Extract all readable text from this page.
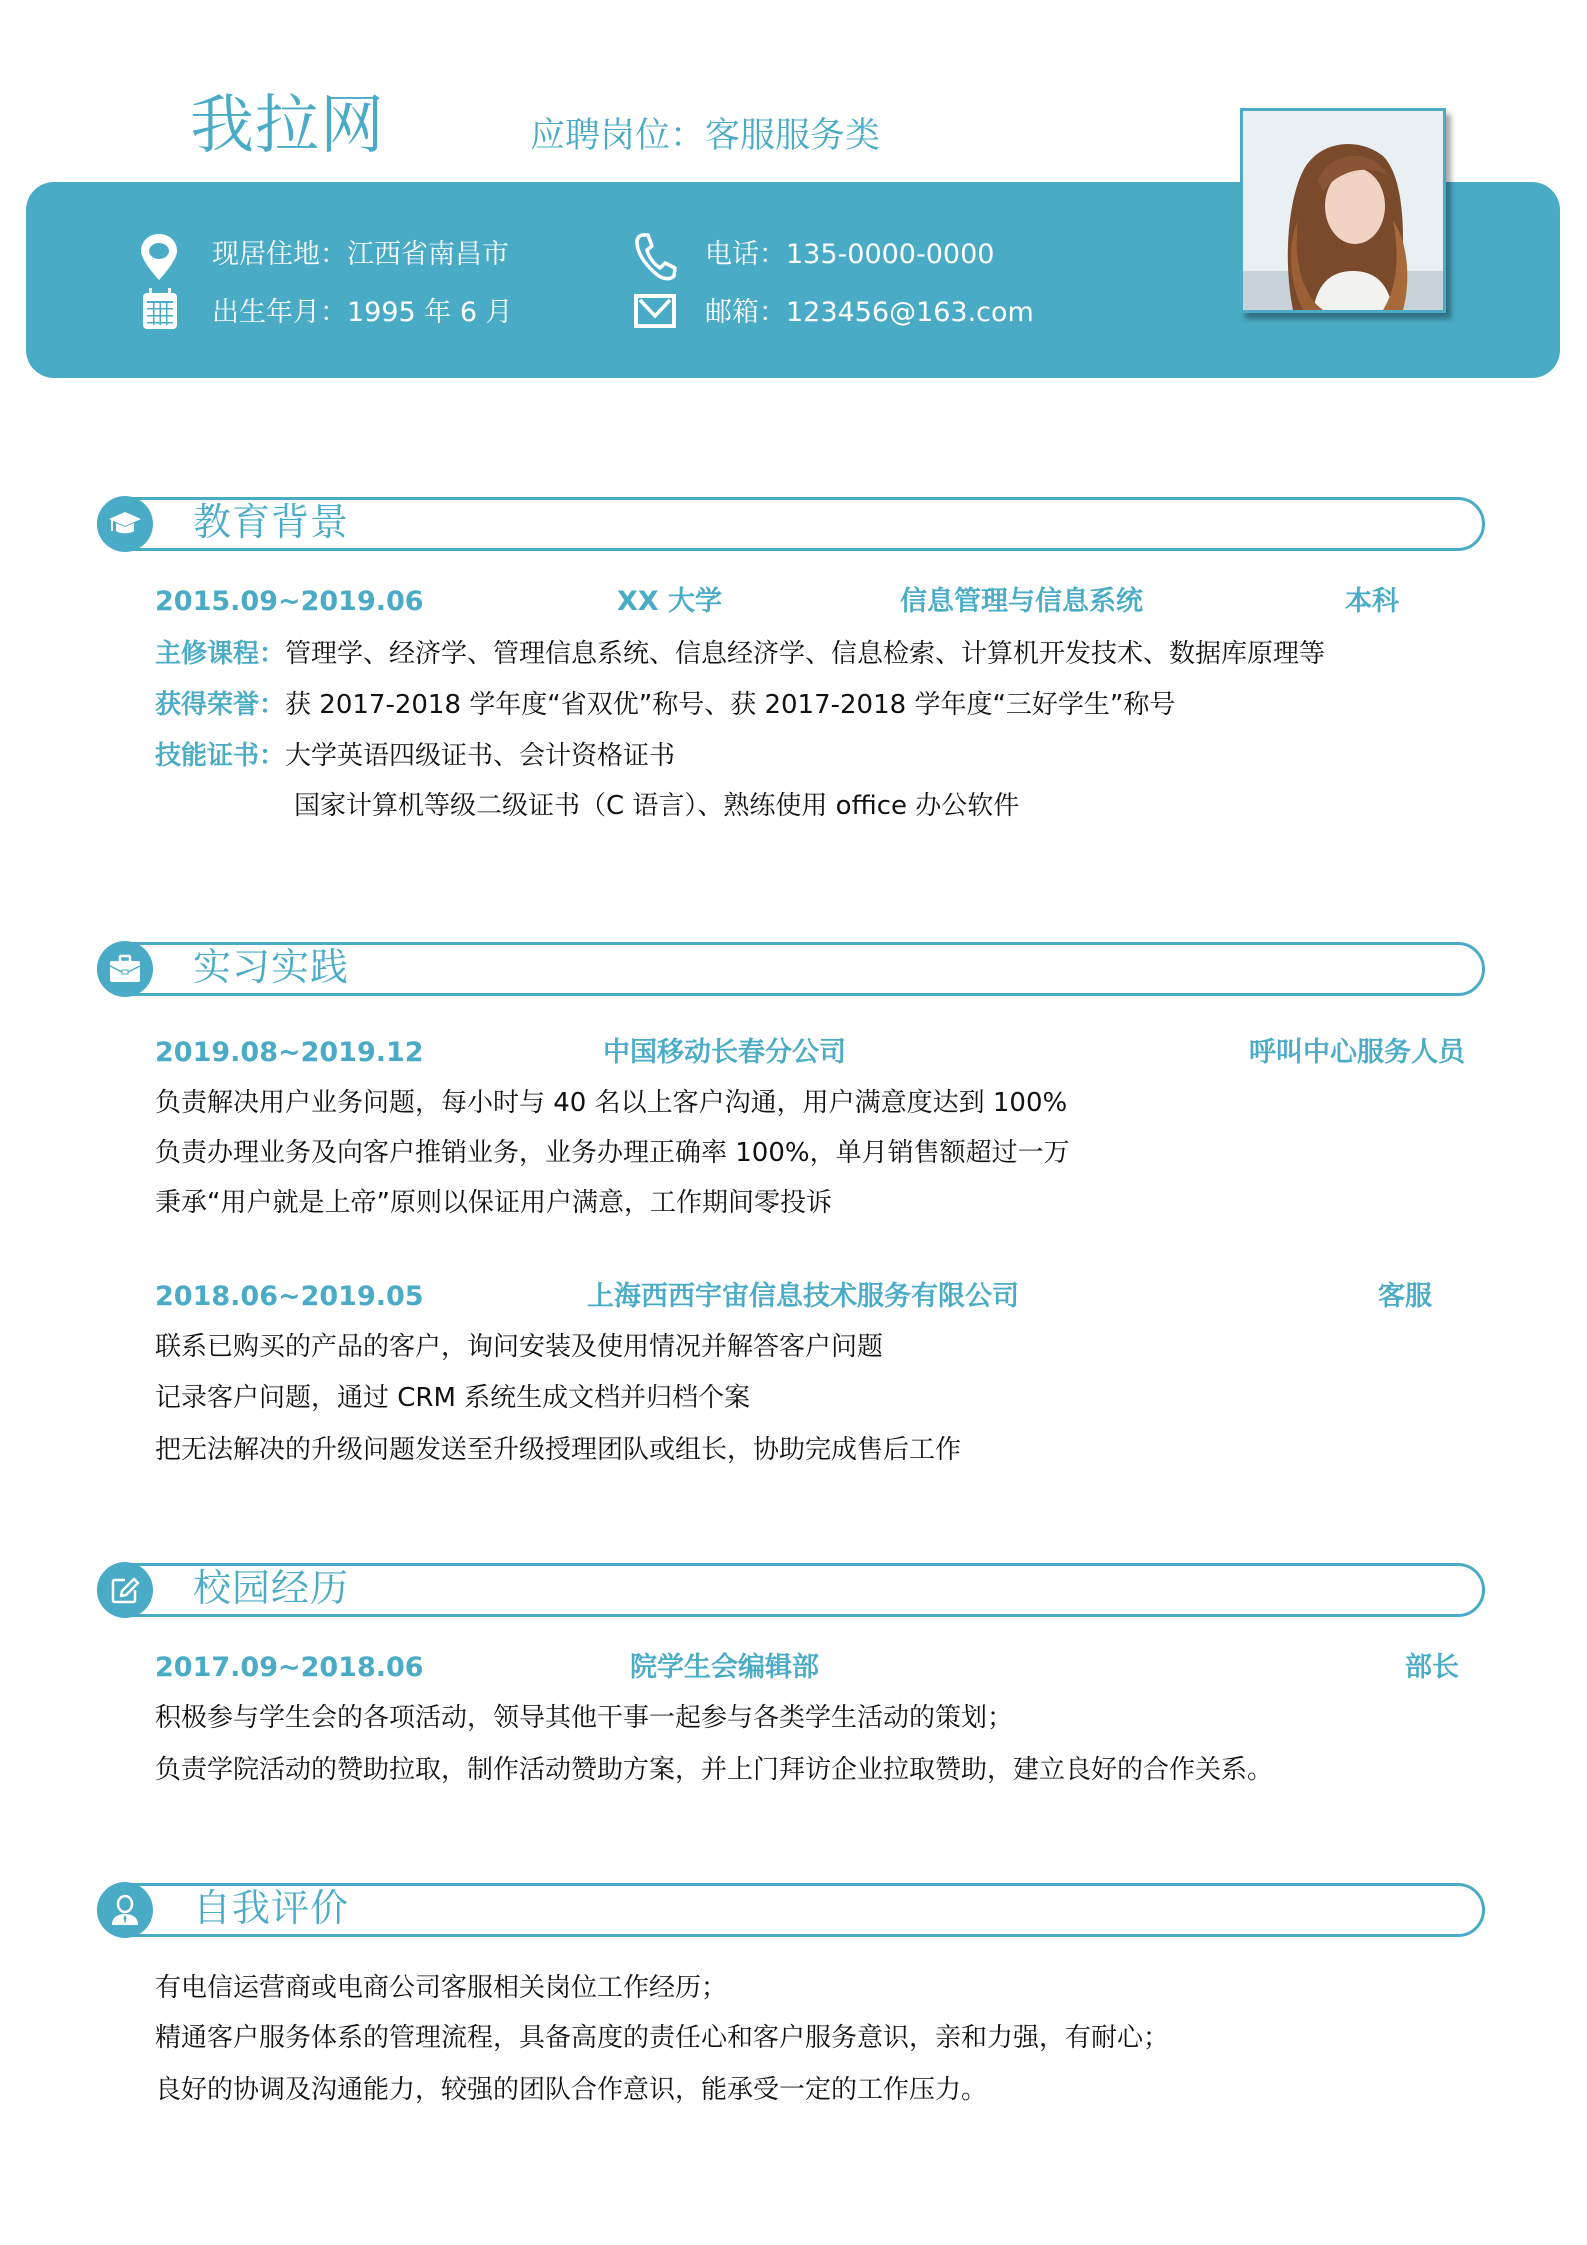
我拉网	应聘岗位：客服服务类
现居住地：江西省南昌市
出生年月：1995 年 6 月
电话：135-0000-0000
邮箱：123456@163.com
教育背景
2015.09~2019.06	XX 大学	信息管理与信息系统	本科
主修课程：管理学、经济学、管理信息系统、信息经济学、信息检索、计算机开发技术、数据库原理等
获得荣誉：获 2017-2018 学年度“省双优”称号、获 2017-2018 学年度“三好学生”称号
技能证书：大学英语四级证书、会计资格证书
国家计算机等级二级证书（C 语言）、熟练使用 office 办公软件
实习实践
2019.08~2019.12	中国移动长春分公司	呼叫中心服务人员
负责解决用户业务问题，每小时与 40 名以上客户沟通，用户满意度达到 100%
负责办理业务及向客户推销业务，业务办理正确率 100%，单月销售额超过一万
秉承“用户就是上帝”原则以保证用户满意，工作期间零投诉
2018.06~2019.05	上海西西宇宙信息技术服务有限公司	客服
联系已购买的产品的客户，询问安装及使用情况并解答客户问题
记录客户问题，通过 CRM 系统生成文档并归档个案
把无法解决的升级问题发送至升级授理团队或组长，协助完成售后工作
校园经历
2017.09~2018.06	院学生会编辑部	部长
积极参与学生会的各项活动，领导其他干事一起参与各类学生活动的策划；
负责学院活动的赞助拉取，制作活动赞助方案，并上门拜访企业拉取赞助，建立良好的合作关系。
自我评价
有电信运营商或电商公司客服相关岗位工作经历；
精通客户服务体系的管理流程，具备高度的责任心和客户服务意识，亲和力强，有耐心；
良好的协调及沟通能力，较强的团队合作意识，能承受一定的工作压力。
